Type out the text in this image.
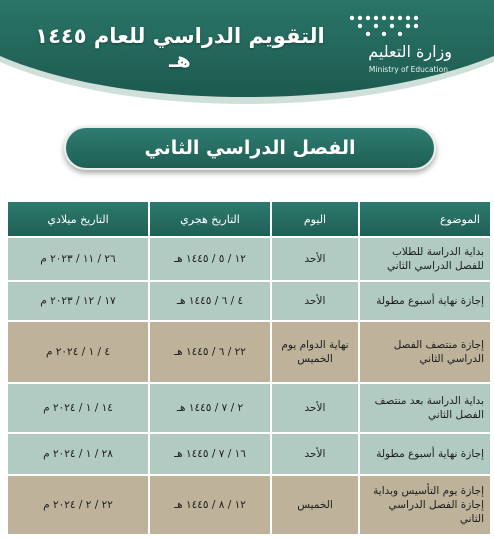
التقويم الدراسي للعام ١٤٤٥ هـ	وزارة التعليم
Ministry of Education
الفصل الدراسي الثاني
الموضوع	اليوم	التاريخ هجري	التاريخ ميلادي
بداية الدراسة للطلاب للفصل الدراسي الثاني	الأحد	١٢ / ٥ / ١٤٤٥ هـ	٢٦ / ١١ / ٢٠٢٣ م
إجازة نهاية أسبوع مطولة	الأحد	٤ / ٦ / ١٤٤٥ هـ	١٧ / ١٢ / ٢٠٢٣ م
إجازة منتصف الفصل الدراسي الثاني	نهاية الدوام يوم الخميس	٢٢ / ٦ / ١٤٤٥ هـ	٤ / ١ / ٢٠٢٤ م
بداية الدراسة بعد منتصف الفصل الثاني	الأحد	٢ / ٧ / ١٤٤٥ هـ	١٤ / ١ / ٢٠٢٤ م
إجازة نهاية أسبوع مطولة	الأحد	١٦ / ٧ / ١٤٤٥ هـ	٢٨ / ١ / ٢٠٢٤ م
إجازة يوم التأسيس وبداية إجازة الفصل الدراسي الثاني	الخميس	١٢ / ٨ / ١٤٤٥ هـ	٢٢ / ٢ / ٢٠٢٤ م
